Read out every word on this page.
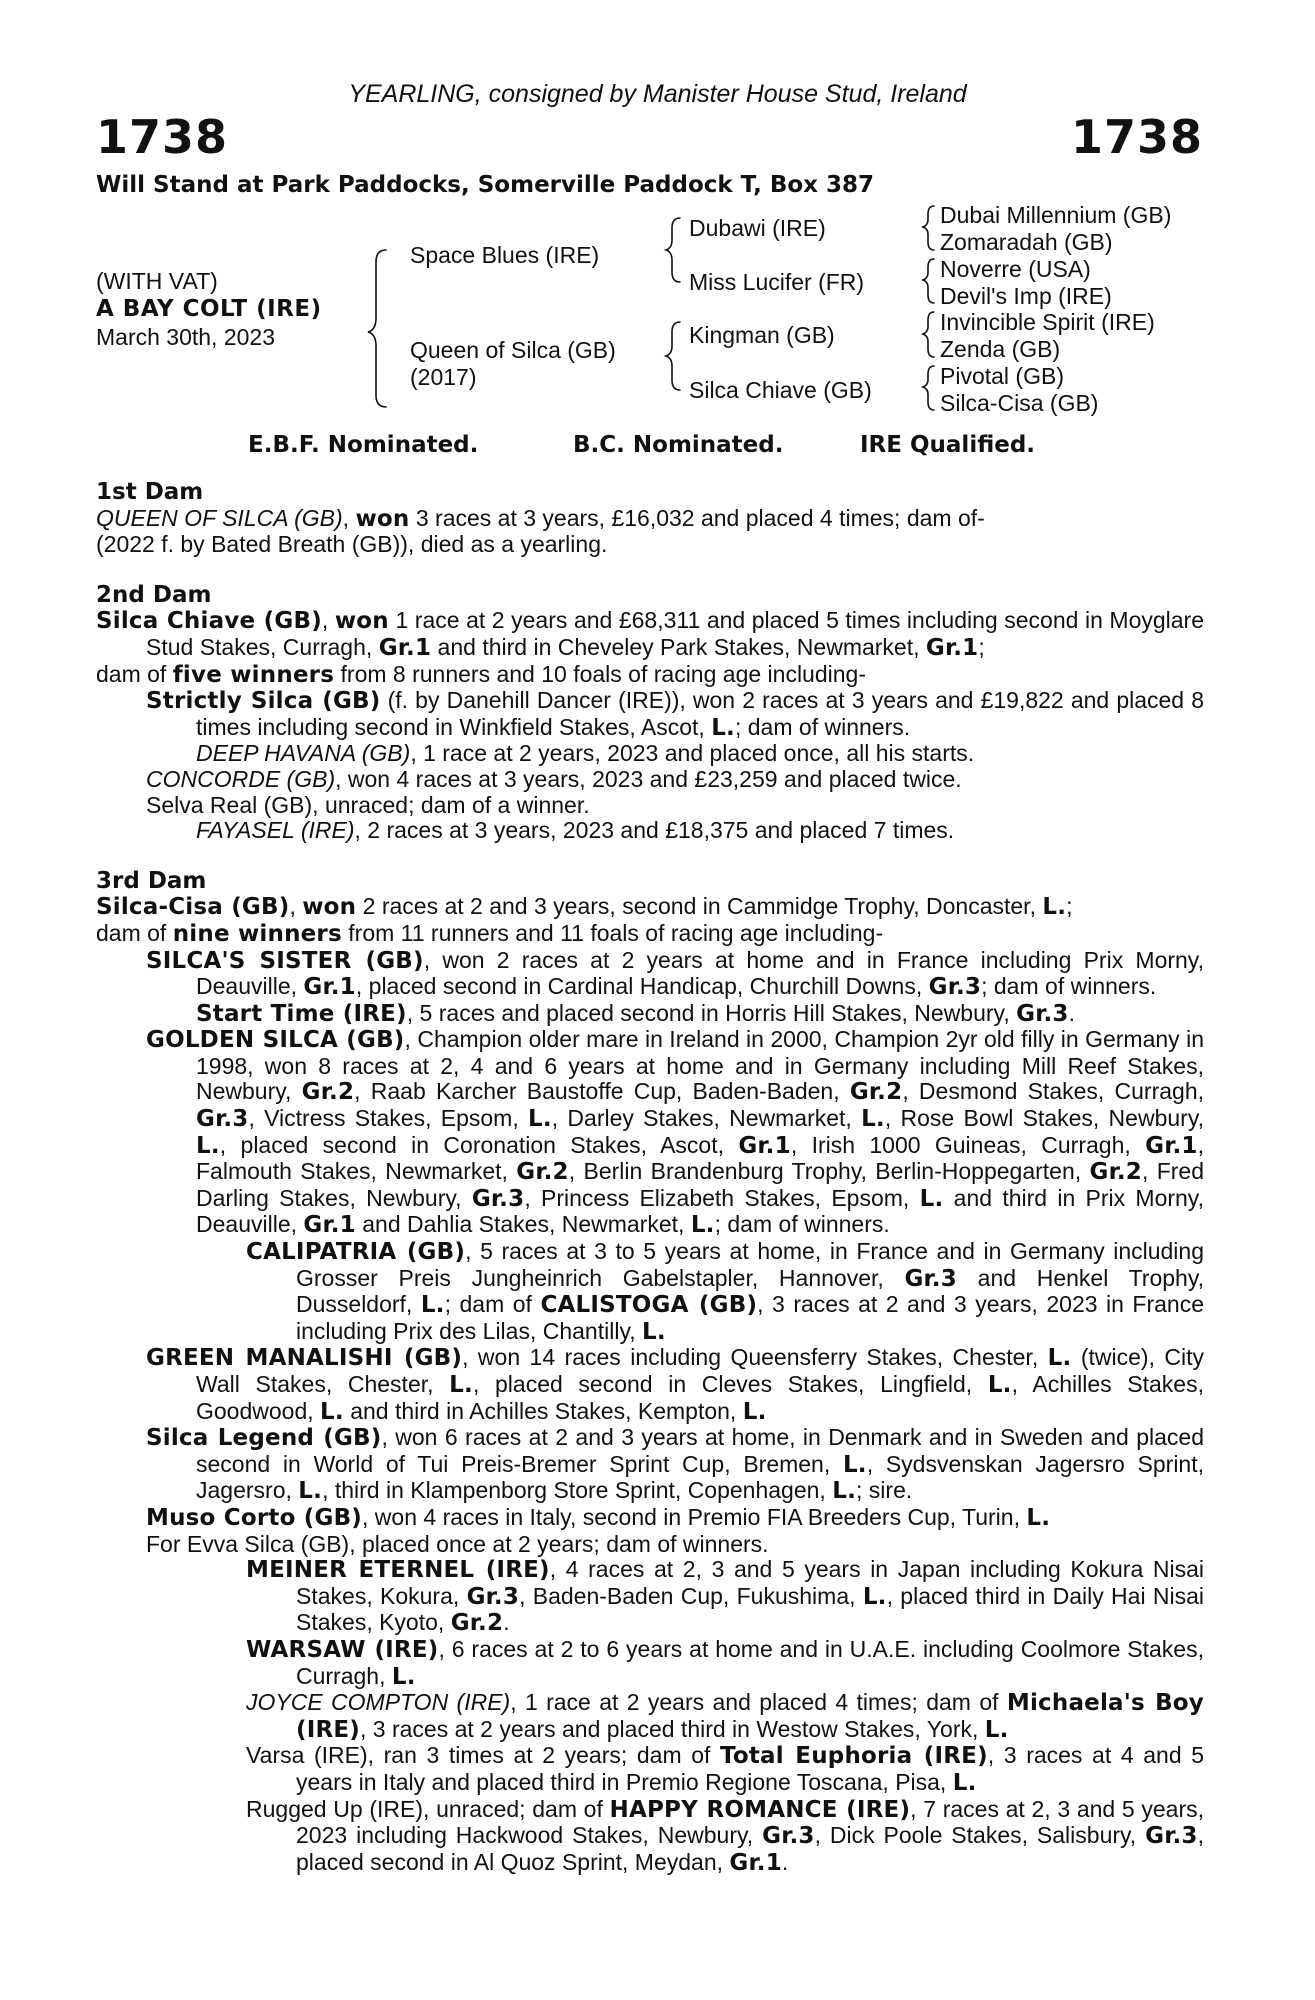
YEARLING, consigned by Manister House Stud, Ireland
1738	1738
Will Stand at Park Paddocks, Somerville Paddock T, Box 387
(WITH VAT)
A BAY COLT (IRE)
March 30th, 2023
Space Blues (IRE)
Queen of Silca (GB)
(2017)
Dubawi (IRE)
Miss Lucifer (FR)
Kingman (GB)
Silca Chiave (GB)
Dubai Millennium (GB)
Zomaradah (GB)
Noverre (USA)
Devil's Imp (IRE)
Invincible Spirit (IRE)
Zenda (GB)
Pivotal (GB)
Silca-Cisa (GB)
E.B.F. Nominated.	B.C. Nominated.	IRE Qualified.
1st Dam
QUEEN OF SILCA (GB), won 3 races at 3 years, £16,032 and placed 4 times; dam of-
(2022 f. by Bated Breath (GB)), died as a yearling.
2nd Dam
Silca Chiave (GB), won 1 race at 2 years and £68,311 and placed 5 times including second in Moyglare Stud Stakes, Curragh, Gr.1 and third in Cheveley Park Stakes, Newmarket, Gr.1;
dam of five winners from 8 runners and 10 foals of racing age including-
Strictly Silca (GB) (f. by Danehill Dancer (IRE)), won 2 races at 3 years and £19,822 and placed 8 times including second in Winkfield Stakes, Ascot, L.; dam of winners.
DEEP HAVANA (GB), 1 race at 2 years, 2023 and placed once, all his starts.
CONCORDE (GB), won 4 races at 3 years, 2023 and £23,259 and placed twice.
Selva Real (GB), unraced; dam of a winner.
FAYASEL (IRE), 2 races at 3 years, 2023 and £18,375 and placed 7 times.
3rd Dam
Silca-Cisa (GB), won 2 races at 2 and 3 years, second in Cammidge Trophy, Doncaster, L.;
dam of nine winners from 11 runners and 11 foals of racing age including-
SILCA'S SISTER (GB), won 2 races at 2 years at home and in France including Prix Morny, Deauville, Gr.1, placed second in Cardinal Handicap, Churchill Downs, Gr.3; dam of winners.
Start Time (IRE), 5 races and placed second in Horris Hill Stakes, Newbury, Gr.3.
GOLDEN SILCA (GB), Champion older mare in Ireland in 2000, Champion 2yr old filly in Germany in 1998, won 8 races at 2, 4 and 6 years at home and in Germany including Mill Reef Stakes, Newbury, Gr.2, Raab Karcher Baustoffe Cup, Baden-Baden, Gr.2, Desmond Stakes, Curragh, Gr.3, Victress Stakes, Epsom, L., Darley Stakes, Newmarket, L., Rose Bowl Stakes, Newbury, L., placed second in Coronation Stakes, Ascot, Gr.1, Irish 1000 Guineas, Curragh, Gr.1, Falmouth Stakes, Newmarket, Gr.2, Berlin Brandenburg Trophy, Berlin-Hoppegarten, Gr.2, Fred Darling Stakes, Newbury, Gr.3, Princess Elizabeth Stakes, Epsom, L. and third in Prix Morny, Deauville, Gr.1 and Dahlia Stakes, Newmarket, L.; dam of winners.
CALIPATRIA (GB), 5 races at 3 to 5 years at home, in France and in Germany including Grosser Preis Jungheinrich Gabelstapler, Hannover, Gr.3 and Henkel Trophy, Dusseldorf, L.; dam of CALISTOGA (GB), 3 races at 2 and 3 years, 2023 in France including Prix des Lilas, Chantilly, L.
GREEN MANALISHI (GB), won 14 races including Queensferry Stakes, Chester, L. (twice), City Wall Stakes, Chester, L., placed second in Cleves Stakes, Lingfield, L., Achilles Stakes, Goodwood, L. and third in Achilles Stakes, Kempton, L.
Silca Legend (GB), won 6 races at 2 and 3 years at home, in Denmark and in Sweden and placed second in World of Tui Preis-Bremer Sprint Cup, Bremen, L., Sydsvenskan Jagersro Sprint, Jagersro, L., third in Klampenborg Store Sprint, Copenhagen, L.; sire.
Muso Corto (GB), won 4 races in Italy, second in Premio FIA Breeders Cup, Turin, L.
For Evva Silca (GB), placed once at 2 years; dam of winners.
MEINER ETERNEL (IRE), 4 races at 2, 3 and 5 years in Japan including Kokura Nisai Stakes, Kokura, Gr.3, Baden-Baden Cup, Fukushima, L., placed third in Daily Hai Nisai Stakes, Kyoto, Gr.2.
WARSAW (IRE), 6 races at 2 to 6 years at home and in U.A.E. including Coolmore Stakes, Curragh, L.
JOYCE COMPTON (IRE), 1 race at 2 years and placed 4 times; dam of Michaela's Boy (IRE), 3 races at 2 years and placed third in Westow Stakes, York, L.
Varsa (IRE), ran 3 times at 2 years; dam of Total Euphoria (IRE), 3 races at 4 and 5 years in Italy and placed third in Premio Regione Toscana, Pisa, L.
Rugged Up (IRE), unraced; dam of HAPPY ROMANCE (IRE), 7 races at 2, 3 and 5 years, 2023 including Hackwood Stakes, Newbury, Gr.3, Dick Poole Stakes, Salisbury, Gr.3, placed second in Al Quoz Sprint, Meydan, Gr.1.
